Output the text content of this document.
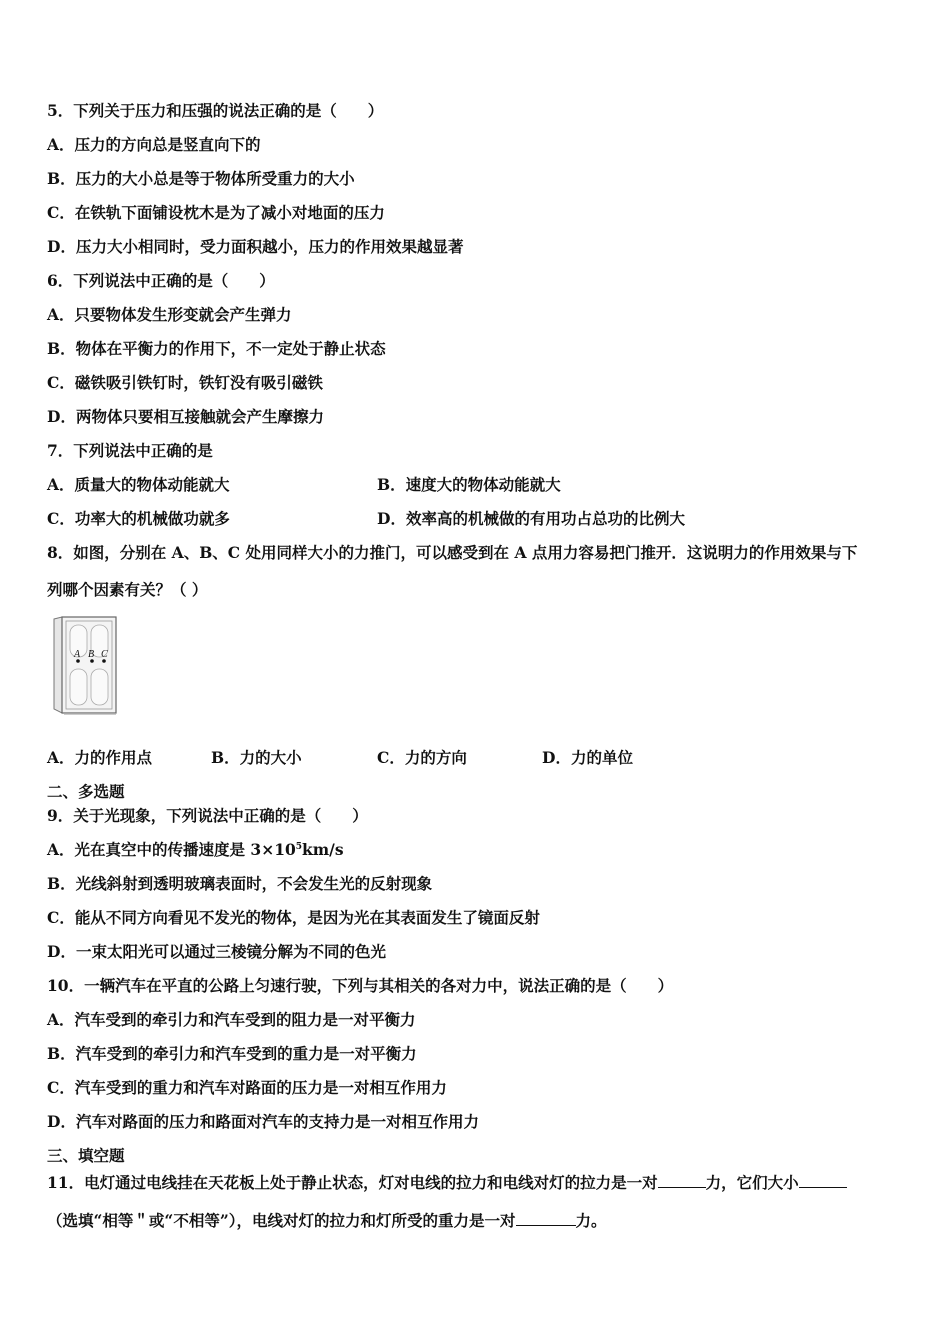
5．下列关于压力和压强的说法正确的是（　　）
A．压力的方向总是竖直向下的
B．压力的大小总是等于物体所受重力的大小
C．在铁轨下面铺设枕木是为了减小对地面的压力
D．压力大小相同时，受力面积越小，压力的作用效果越显著
6．下列说法中正确的是（　　）
A．只要物体发生形变就会产生弹力
B．物体在平衡力的作用下，不一定处于静止状态
C．磁铁吸引铁钉时，铁钉没有吸引磁铁
D．两物体只要相互接触就会产生摩擦力
7．下列说法中正确的是
A．质量大的物体动能就大	B．速度大的物体动能就大
C．功率大的机械做功就多	D．效率高的机械做的有用功占总功的比例大
8．如图，分别在 A、B、C 处用同样大小的力推门，可以感受到在 A 点用力容易把门推开．这说明力的作用效果与下
列哪个因素有关？（ ）
A B C
A．力的作用点	B．力的大小	C．力的方向	D．力的单位
二、多选题
9．关于光现象，下列说法中正确的是（　　）
A．光在真空中的传播速度是 $3\times 10^5km/s$
B．光线斜射到透明玻璃表面时，不会发生光的反射现象
C．能从不同方向看见不发光的物体，是因为光在其表面发生了镜面反射
D．一束太阳光可以通过三棱镜分解为不同的色光
10．一辆汽车在平直的公路上匀速行驶，下列与其相关的各对力中，说法正确的是（　　）
A．汽车受到的牵引力和汽车受到的阻力是一对平衡力
B．汽车受到的牵引力和汽车受到的重力是一对平衡力
C．汽车受到的重力和汽车对路面的压力是一对相互作用力
D．汽车对路面的压力和路面对汽车的支持力是一对相互作用力
三、填空题
11．电灯通过电线挂在天花板上处于静止状态，灯对电线的拉力和电线对灯的拉力是一对	力，它们大小
（选填“相等＂或“不相等”），电线对灯的拉力和灯所受的重力是一对	力。
